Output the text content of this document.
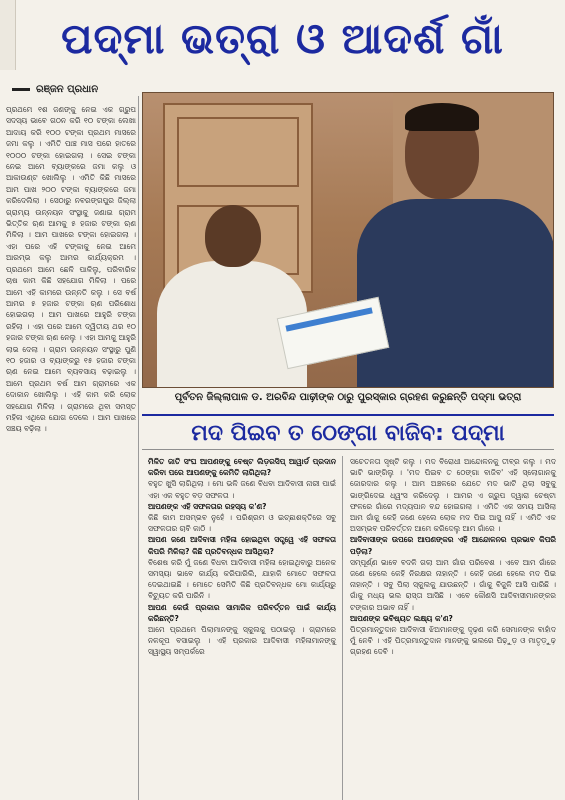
ପଦ୍ମା ଭତ୍ରା ଓ ଆଦର୍ଶ ଗାଁ
ରଞ୍ଜନ ପ୍ରଧାନ
ପ୍ରଥମେ ୧ଶ ଜଣଙ୍କୁ ନେଇ ଏକ ଗ୍ରୁପ ସଦସ୍ୟ ଭାବେ ଗଠନ କରି ୧୦ ଟଙ୍କା ଲେଖା ଆଦାୟ କରି ୧୦୦ ଟଙ୍କା ପ୍ରଥମ ମାସରେ ଜମା କଲୁ । ଏମିତି ପାଞ୍ଚ ମାସ ପରେ ହାତରେ ୧୦୦୦ ଟଙ୍କା ହୋଇଗଲା । ସେଇ ଟଙ୍କା ନେଇ ଆମେ ବ୍ୟାଙ୍କରେ ଜମା କଲୁ ଓ ଆକାଉଣ୍ଟ ଖୋଲିଲୁ । ଏମିତି କିଛି ମାସରେ ଆମ ପାଖ ୨୦୦ ଟଙ୍କା ବ୍ୟାଙ୍କରେ ଜମା କରିଦେଲିଲା । ସେଠାରୁ ନବରଙ୍ଗପୁର ଜିଲ୍ଲା ଗ୍ରାମ୍ୟ ଉନ୍ନୟନ ସଂସ୍ଥାକୁ ଜଣାଇ ଗ୍ରାମ ଭିତ୍ତିକ ଋଣ ଆମକୁ ୫ ହଜାର ଟଙ୍କା ଋଣ ମିଳିଲା । ଆମ ପାଖରେ ଟଙ୍କା ହୋଇଗଲା । ଏହା ପରେ ଏହି ଟଙ୍କାକୁ ନେଇ ଆମେ ଆରମ୍ଭ କଲୁ ଆମର କାର୍ଯ୍ୟକ୍ରମ । ପ୍ରଥମେ ଆମେ ଛେଳି ପାଳିଲୁ, ପରିବାରିକ ଚାଷ କାମ କିଛି ସହଯୋଗ ମିଳିଲା । ପରେ ଆମେ ଏହି କାମରେ ଉନ୍ନତି କଲୁ । ସେ ବର୍ଷ ଆମର ୫ ହଜାର ଟଙ୍କା ଋଣ ପରିଶୋଧ ହୋଇଗଲା । ଆମ ପାଖରେ ଆହୁରି ଟଙ୍କା ରହିଲା । ଏହା ପରେ ଆମେ ଦ୍ୱିତୀୟ ଥର ୧୦ ହଜାର ଟଙ୍କା ଋଣ ନେଲୁ । ଏହା ଆମକୁ ଆହୁରି ଲାଭ ଦେଲା । ଗ୍ରାମ ଉନ୍ନୟନ ସଂସ୍ଥାରୁ ପୁଣି ୧୦ ହଜାର ଓ ବ୍ୟାଙ୍କରୁ ୧୫ ହଜାର ଟଙ୍କା ଋଣ ନେଇ ଆମେ ବ୍ୟବସାୟ ବଢ଼ାଇଲୁ । ଆମେ ପ୍ରଥମ ବର୍ଷ ଆମ ଗ୍ରାମରେ ଏକ ଦୋକାନ ଖୋଲିଲୁ । ଏହି କାମ କରି ଲୋକ ସହଯୋଗ ମିଳିଲା । ଗ୍ରାମରେ ଥିବା ସମସ୍ତ ମହିଳା ଏଥିରେ ଯୋଗ ଦେଲେ । ଆମ ପାଖରେ ସଞ୍ଚୟ ବଢ଼ିଲା ।
ପୂର୍ବତନ ଜିଲ୍ଲାପାଳ ଡ. ଅରବିନ୍ଦ ପାଢ଼ୀଙ୍କ ଠାରୁ ପୁରସ୍କାର ଗ୍ରହଣ କରୁଛନ୍ତି ପଦ୍ମା ଭତ୍ରା
ମଦ ପିଇବ ତ ଠେଙ୍ଗା ବାଜିବ: ପଦ୍ମା
ମିଳିତ ଜାତି ସଂଘ ଆପଣଙ୍କୁ ବେଷ୍ଟ ଲିଡ଼ରସିପ୍ ଆୱାର୍ଡ ପ୍ରଦାନ କରିବା ପରେ ଆପଣଙ୍କୁ କେମିତି ଲାଗିଥିଲା?
ବହୁତ ଖୁସି ଲାଗିଥିଲା । ମୋ ଭଳି ଜଣେ ବିଧବା ଆଦିବାସୀ ନାରୀ ପାଇଁ ଏହା ଏକ ବହୁତ ବଡ଼ ସଫଳତା ।
ଆପଣଙ୍କ ଏହି ସଫଳତାର ରହସ୍ୟ କ'ଣ?
କିଛି କାମ ଅସମ୍ଭବ ନୁହେଁ । ପରିଶ୍ରମ ଓ ଇଚ୍ଛାଶକ୍ତିରେ ସବୁ ସଫଳତାର ଚାବି କାଠି ।
ଆପଣ ଜଣେ ଆଦିବାସୀ ମହିଳା ହୋଇଥିବା ସତ୍ତ୍ୱେ ଏହି ସଫଳତା କିପରି ମିଳିଲା? କିଛି ପ୍ରତିବନ୍ଧକ ଆସିଥିଲା?
ବିଶେଷ କରି ମୁଁ ଜଣେ ବିଧବା ଆଦିବାସୀ ମହିଳା ହୋଇଥିବାରୁ ଅନେକ ସମସ୍ୟା ଭାବେ କାର୍ଯ୍ୟ କରିପାରିଲି, ଯାହାକି ମୋତେ ସଫଳତା ଦେଇଥାଇଛି । ମୋତେ ସେମିତି କିଛି ପ୍ରତିବନ୍ଧକ ମୋ କାର୍ଯ୍ୟରୁ ବିଚ୍ୟୁତ କରି ପାରିନି ।
ଆପଣ କେଉଁ ପ୍ରକାର ସାମାଜିକ ପରିବର୍ତ୍ତନ ପାଇଁ କାର୍ଯ୍ୟ କରିଛନ୍ତି?
ଆମେ ପ୍ରଥମେ ପିଲାମାନଙ୍କୁ ସ୍କୁଲକୁ ପଠାଇଲୁ । ଗ୍ରାମରେ ନଳକୂପ ବସାଇଲୁ । ଏହି ପ୍ରକାର ଆଦିବାସୀ ମହିଳାମାନଙ୍କୁ ସ୍ୱାସ୍ଥ୍ୟ ସମ୍ପର୍କରେ
ସଚେତନତା ସୃଷ୍ଟି କଲୁ । ମଦ ବିରୋଧୀ ଆନ୍ଦୋଳନକୁ ତୀବ୍ର କଲୁ । ମଦ ଭାଟି ଭାଙ୍ଗିଲୁ । 'ମଦ ପିଇବ ତ ଠେଙ୍ଗା ବାଜିବ' ଏହି ସ୍ଲୋଗାନକୁ ଜୋରଦାର କଲୁ । ଆମ ଅଞ୍ଚଳରେ ଯେତେ ମଦ ଭାଟି ଥିଲା ସବୁକୁ ଭାଙ୍ଗିଦେଇ ଧ୍ୱଂସ କରିଦେଲୁ । ଆମର ଏ ଗ୍ରୁପ ଦ୍ୱାରା ଚେଷ୍ଟା ଫଳରେ ଗାଁରେ ମଦ୍ୟପାନ ବନ୍ଦ ହୋଇଗଲା । ଏମିତି ଏକ ସମୟ ଆସିଲା ଆମ ଗାଁକୁ କେହି ଜଣେ ହେଲେ ଲୋକ ମଦ ପିଇ ଆସୁ ନାହିଁ । ଏମିତି ଏକ ଅସମ୍ଭବ ପରିବର୍ତ୍ତନ ଆମେ କରିଦେଲୁ ଆମ ଗାଁରେ ।
ଆଦିବାସୀଙ୍କ ଉପରେ ଆପଣଙ୍କର ଏହି ଆନ୍ଦୋଳନର ପ୍ରଭାବ କିପରି ପଡ଼ିଲା?
ସମ୍ପୂର୍ଣ୍ଣ ଭାବେ ବଦଳି ଗଲା ଆମ ଗାଁର ପରିବେଶ । ଏବେ ଆମ ଗାଁରେ ଜଣେ ହେଲେ କେହି ନିରକ୍ଷର ନାହାନ୍ତି । କେହି ଜଣେ ହେଲେ ମଦ ପିଇ ନାହାନ୍ତି । ସବୁ ପିଲା ସ୍କୁଲକୁ ଯାଉଛନ୍ତି । ଗାଁକୁ ବିଜୁଳି ଆସି ପାରିଛି । ଗାଁକୁ ମଧ୍ୟ ଭଲ ରାସ୍ତା ଆସିଛି । ଏବେ କୌଣସି ଆଦିବାସୀମାନଙ୍କର ଟଙ୍କାର ଅଭାବ ନାହିଁ ।
ଆପଣଙ୍କ ଭବିଷ୍ୟତ ଲକ୍ଷ୍ୟ କ'ଣ?
ପିତ୍ରମାନ୍ତୁଦାନ ଆଦିବାସୀ ଝିଅମାନଙ୍କୁ ଦୃଢ଼ଣ କରି ସେମାନଙ୍କ ବାହାଁଦ ମୁଁ ନେବି । ଏହି ପିତ୍ରମାନ୍ତୁଦାନ ମାନଙ୍କୁ ଭଲରେ ପିଢ଼ୁଡ଼ ଓ ମାତୃଡ଼ୁଢ଼ ଗ୍ରହଣ ଦେବି ।
